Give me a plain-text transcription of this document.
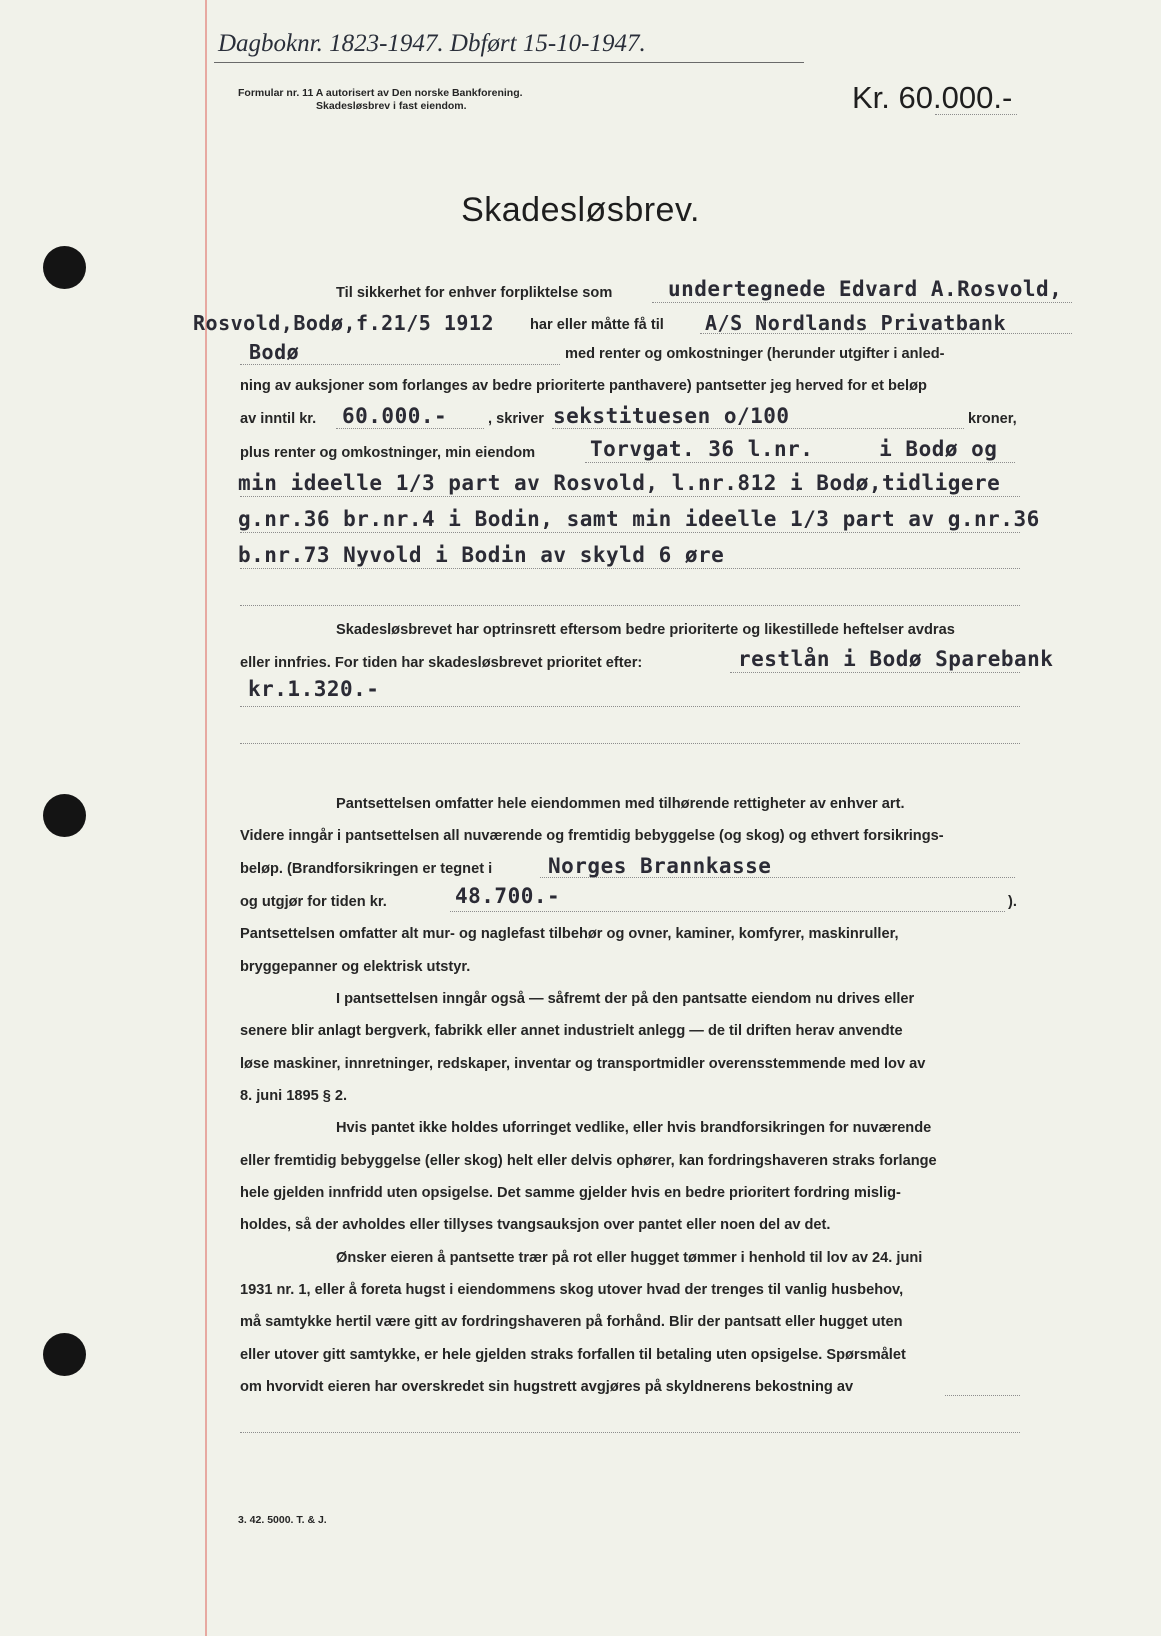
Dagboknr. 1823-1947. Dbført 15-10-1947.
Formular nr. 11 A autorisert av Den norske Bankforening.
Skadesløsbrev i fast eiendom.	Kr. 60.000.-
Skadesløsbrev.
Til sikkerhet for enhver forpliktelse som	undertegnede Edvard A.Rosvold,
Rosvold,Bodø,f.21/5 1912 har eller måtte få til A/S Nordlands Privatbank
Bodø	med renter og omkostninger (herunder utgifter i anled-
ning av auksjoner som forlanges av bedre prioriterte panthavere) pantsetter jeg herved for et beløp
av inntil kr. 60.000.-	, skriver sekstituesen o/100	kroner,
plus renter og omkostninger, min eiendom	Torvgat. 36 l.nr.     i Bodø og
min ideelle 1/3 part av Rosvold, l.nr.812 i Bodø,tidligere
g.nr.36 br.nr.4 i Bodin, samt min ideelle 1/3 part av g.nr.36
b.nr.73 Nyvold i Bodin av skyld 6 øre
Skadesløsbrevet har optrinsrett eftersom bedre prioriterte og likestillede heftelser avdras
eller innfries. For tiden har skadesløsbrevet prioritet efter:	restlån i Bodø Sparebank
kr.1.320.-
Pantsettelsen omfatter hele eiendommen med tilhørende rettigheter av enhver art.
Videre inngår i pantsettelsen all nuværende og fremtidig bebyggelse (og skog) og ethvert forsikrings-
beløp. (Brandforsikringen er tegnet i	Norges Brannkasse
og utgjør for tiden kr.	48.700.-	).
Pantsettelsen omfatter alt mur- og naglefast tilbehør og ovner, kaminer, komfyrer, maskinruller,
bryggepanner og elektrisk utstyr.
I pantsettelsen inngår også — såfremt der på den pantsatte eiendom nu drives eller
senere blir anlagt bergverk, fabrikk eller annet industrielt anlegg — de til driften herav anvendte
løse maskiner, innretninger, redskaper, inventar og transportmidler overensstemmende med lov av
8. juni 1895 § 2.
Hvis pantet ikke holdes uforringet vedlike, eller hvis brandforsikringen for nuværende
eller fremtidig bebyggelse (eller skog) helt eller delvis ophører, kan fordringshaveren straks forlange
hele gjelden innfridd uten opsigelse. Det samme gjelder hvis en bedre prioritert fordring mislig-
holdes, så der avholdes eller tillyses tvangsauksjon over pantet eller noen del av det.
Ønsker eieren å pantsette trær på rot eller hugget tømmer i henhold til lov av 24. juni
1931 nr. 1, eller å foreta hugst i eiendommens skog utover hvad der trenges til vanlig husbehov,
må samtykke hertil være gitt av fordringshaveren på forhånd. Blir der pantsatt eller hugget uten
eller utover gitt samtykke, er hele gjelden straks forfallen til betaling uten opsigelse. Spørsmålet
om hvorvidt eieren har overskredet sin hugstrett avgjøres på skyldnerens bekostning av
3. 42. 5000. T. & J.
